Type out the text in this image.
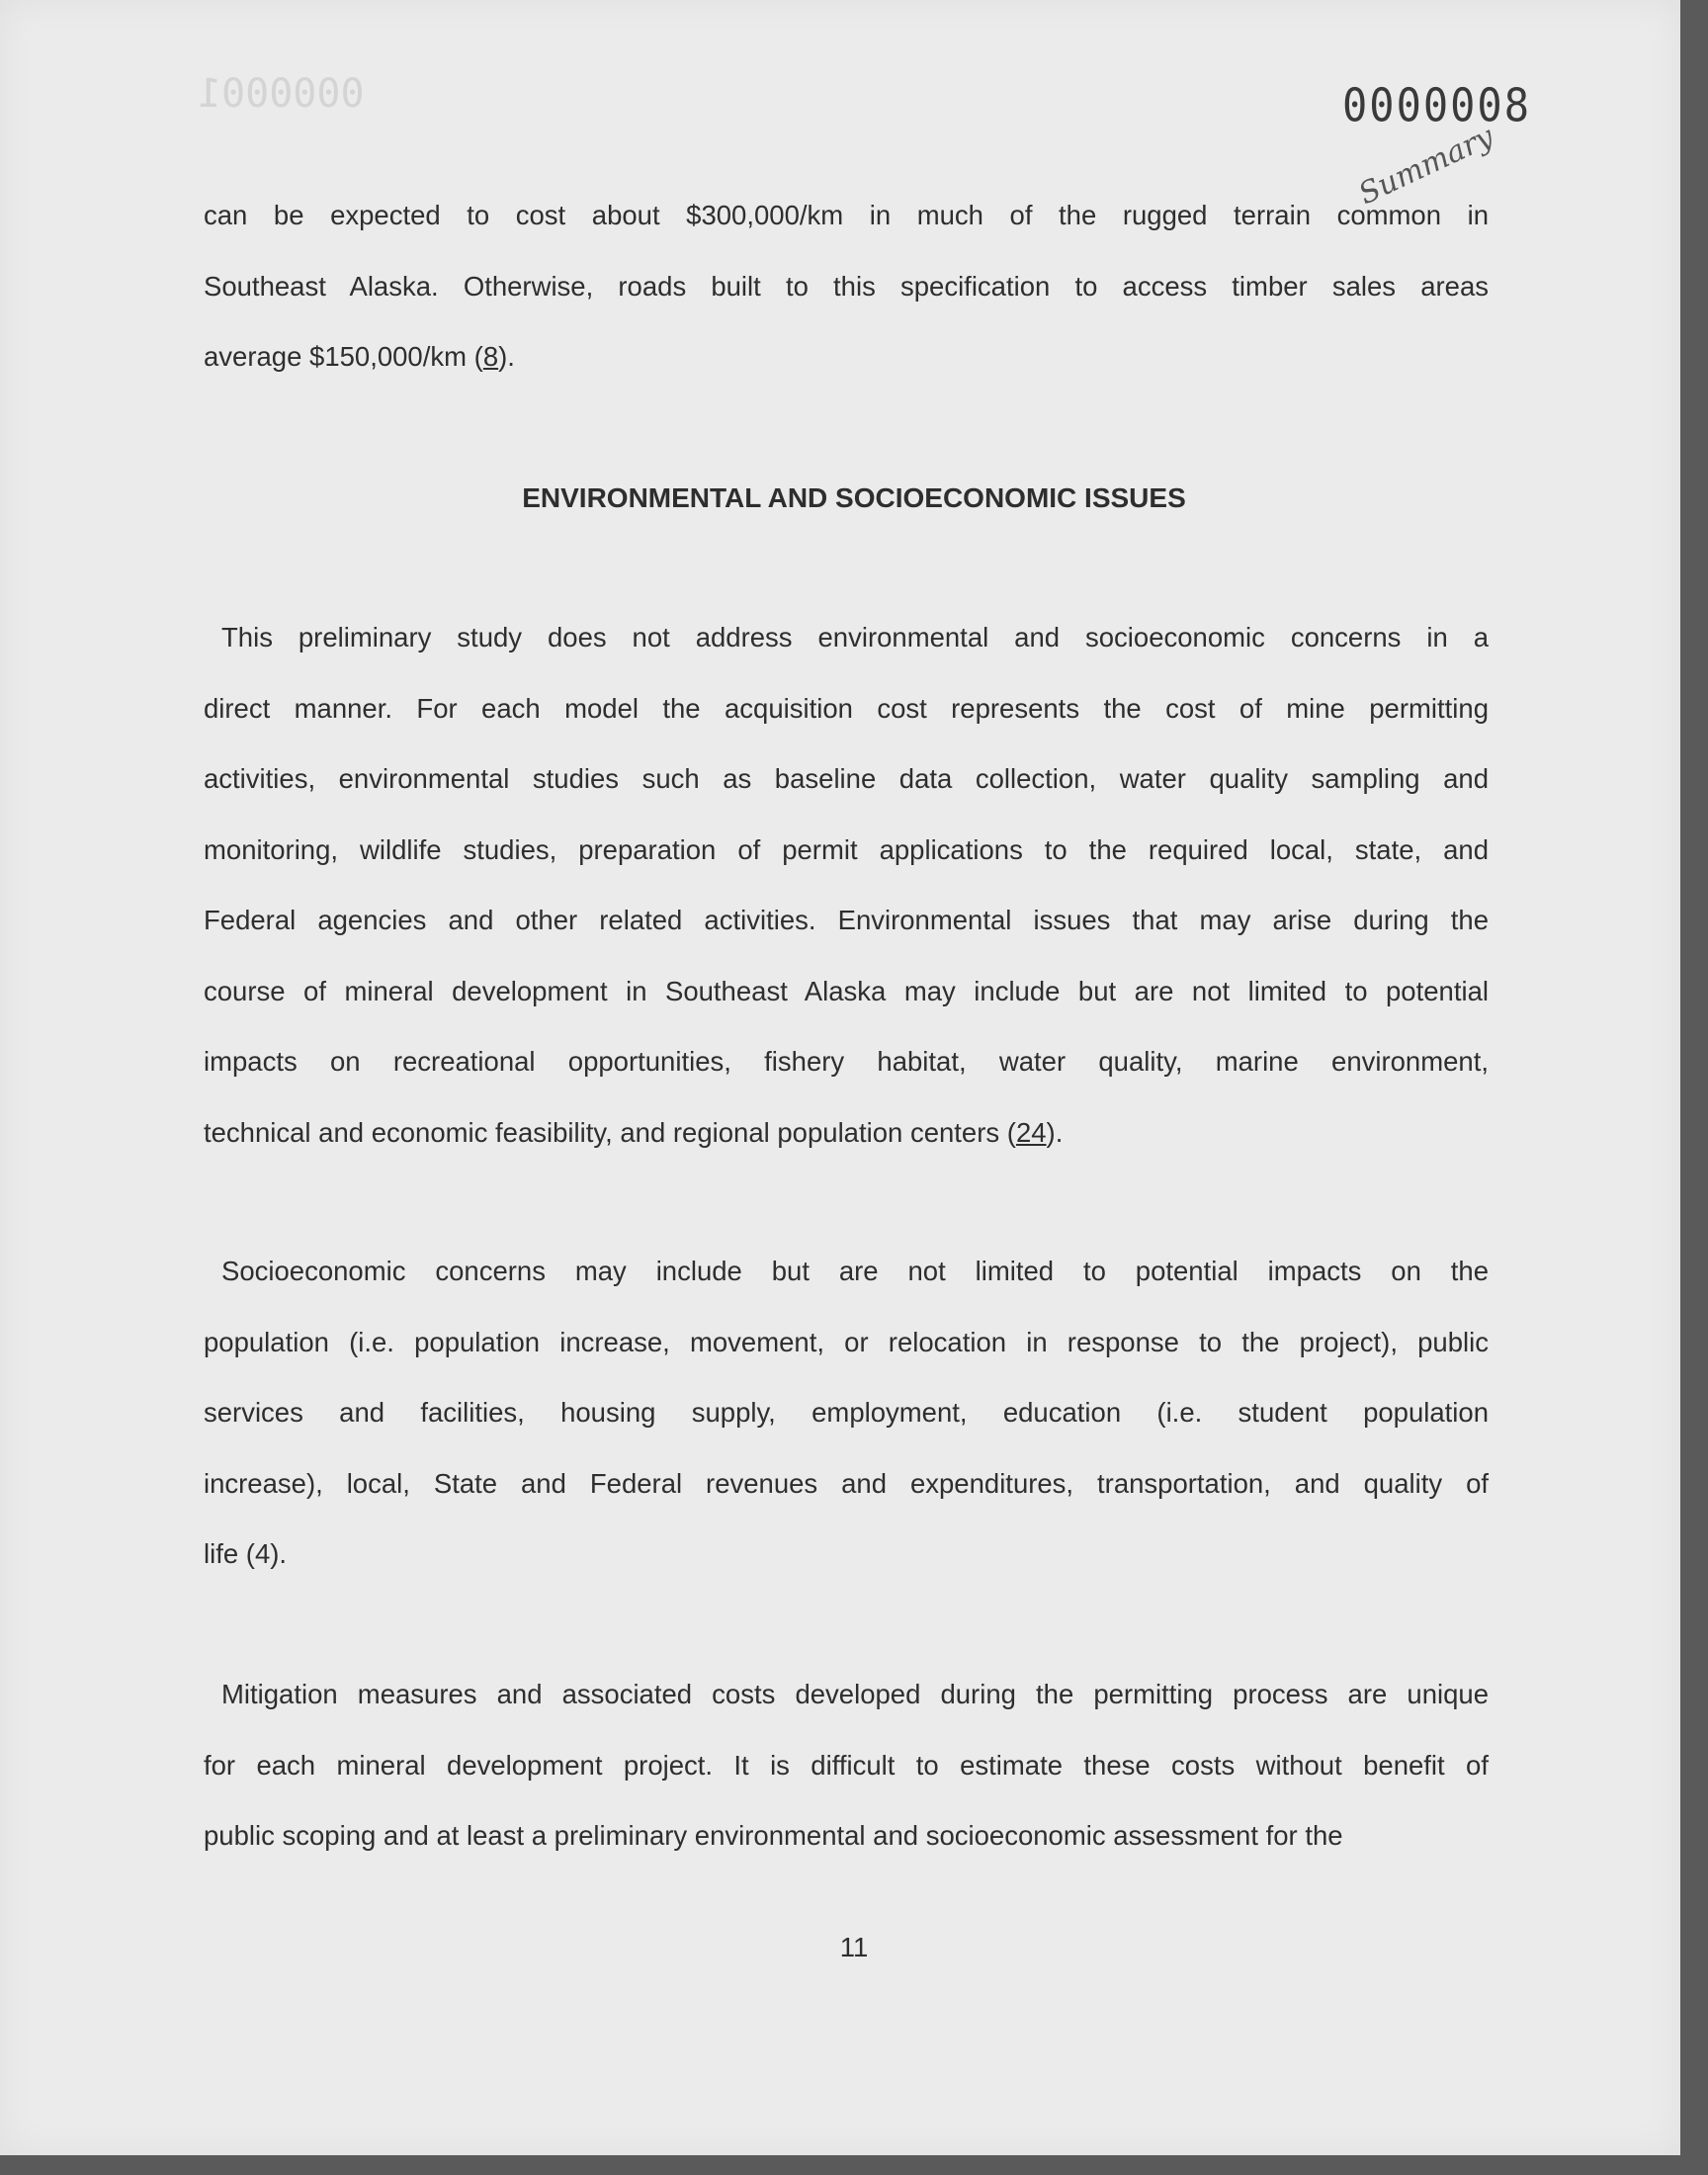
0000001	0000008
Summary
can be expected to cost about $300,000/km in much of the rugged terrain common in
Southeast Alaska. Otherwise, roads built to this specification to access timber sales areas
average $150,000/km (8).
ENVIRONMENTAL AND SOCIOECONOMIC ISSUES
This preliminary study does not address environmental and socioeconomic concerns in a
direct manner. For each model the acquisition cost represents the cost of mine permitting
activities, environmental studies such as baseline data collection, water quality sampling and
monitoring, wildlife studies, preparation of permit applications to the required local, state, and
Federal agencies and other related activities. Environmental issues that may arise during the
course of mineral development in Southeast Alaska may include but are not limited to potential
impacts on recreational opportunities, fishery habitat, water quality, marine environment,
technical and economic feasibility, and regional population centers (24).
Socioeconomic concerns may include but are not limited to potential impacts on the
population (i.e. population increase, movement, or relocation in response to the project), public
services and facilities, housing supply, employment, education (i.e. student population
increase), local, State and Federal revenues and expenditures, transportation, and quality of
life (4).
Mitigation measures and associated costs developed during the permitting process are unique
for each mineral development project. It is difficult to estimate these costs without benefit of
public scoping and at least a preliminary environmental and socioeconomic assessment for the
11
